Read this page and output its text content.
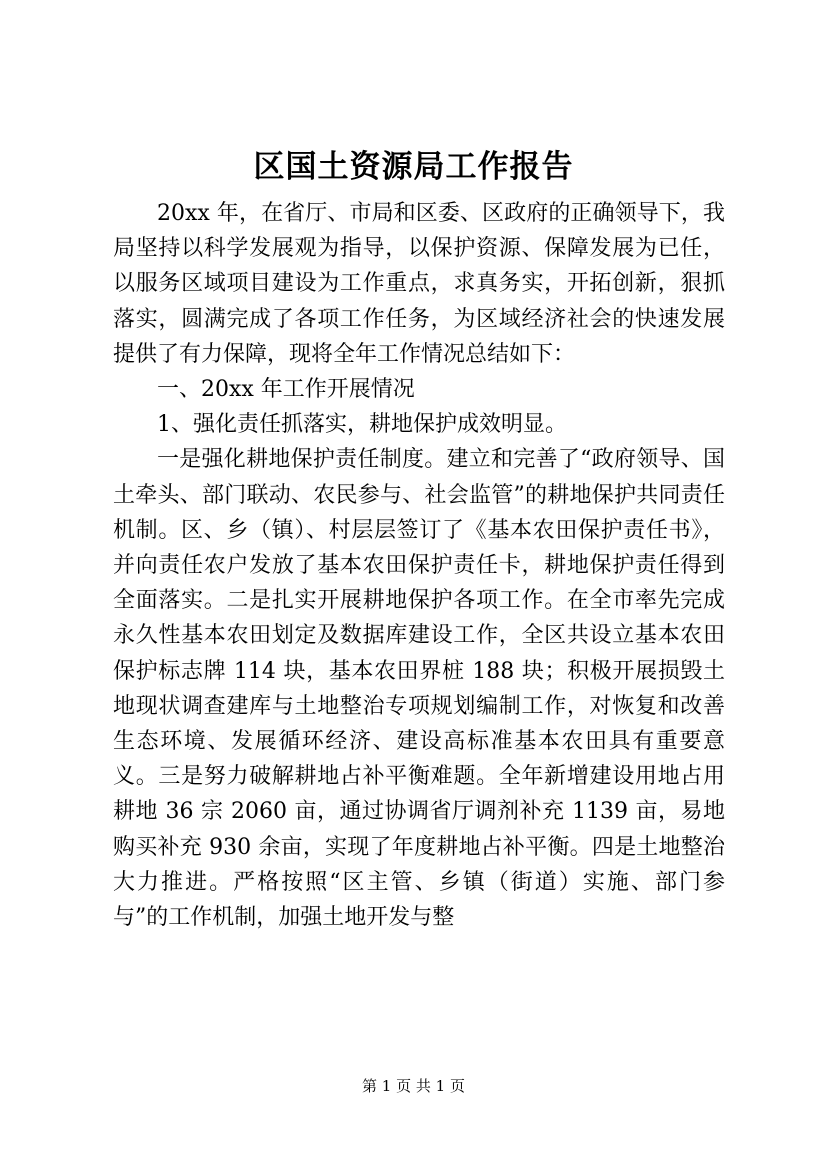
区国土资源局工作报告

20xx 年，在省厅、市局和区委、区政府的正确领导下，我局坚持以科学发展观为指导，以保护资源、保障发展为已任，以服务区域项目建设为工作重点，求真务实，开拓创新，狠抓落实，圆满完成了各项工作任务，为区域经济社会的快速发展提供了有力保障，现将全年工作情况总结如下：

一、20xx 年工作开展情况

1、强化责任抓落实，耕地保护成效明显。

一是强化耕地保护责任制度。建立和完善了“政府领导、国土牵头、部门联动、农民参与、社会监管”的耕地保护共同责任机制。区、乡（镇）、村层层签订了《基本农田保护责任书》，并向责任农户发放了基本农田保护责任卡，耕地保护责任得到全面落实。二是扎实开展耕地保护各项工作。在全市率先完成永久性基本农田划定及数据库建设工作，全区共设立基本农田保护标志牌 114 块，基本农田界桩 188 块；积极开展损毁土地现状调查建库与土地整治专项规划编制工作，对恢复和改善生态环境、发展循环经济、建设高标准基本农田具有重要意义。三是努力破解耕地占补平衡难题。全年新增建设用地占用耕地 36 宗 2060 亩，通过协调省厅调剂补充 1139 亩，易地购买补充 930 余亩，实现了年度耕地占补平衡。四是土地整治大力推进。严格按照“区主管、乡镇（街道）实施、部门参与”的工作机制，加强土地开发与整

第 1 页 共 1 页
